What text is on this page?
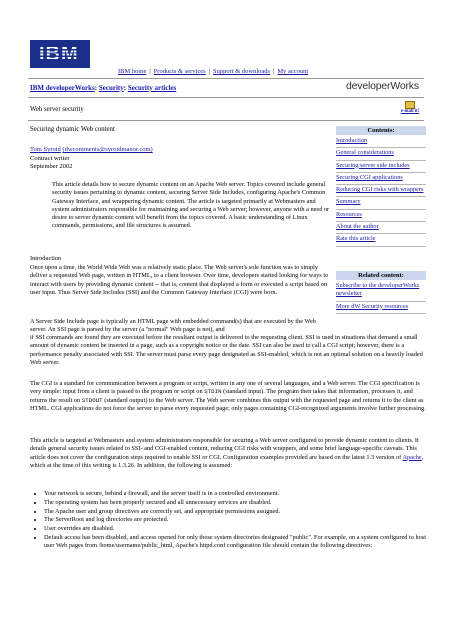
IBM
IBM home | Products & services | Support & downloads | My account
IBM developerWorks: Security: Security articles	developerWorks
Web server security	e-mail it!
Securing dynamic Web content
Tom Syroid (dwcomments@syroidmanor.com)
Contract writer
September 2002
This article details how to secure dynamic content on an Apache Web server. Topics covered include general security issues pertaining to dynamic content, securing Server Side Includes, configuring Apache's Common Gateway Interface, and wrappering dynamic content. The article is targeted primarily at Webmasters and system administrators responsible for maintaining and securing a Web server; however, anyone with a need or desire to server dynamic content will benefit from the topics covered. A basic understanding of Linux commands, permissions, and file structures is assumed.
Introduction
Once upon a time, the World Wide Web was a relatively static place. The Web server's sole function was to simply deliver a requested Web page, written in HTML, to a client browser. Over time, developers started looking for ways to interact with users by providing dynamic content -- that is, content that displayed a form or executed a script based on user input. Thus Server Side Includes (SSI) and the Common Gateway Interface (CGI) were born.
A Server Side Include page is typically an HTML page with embedded command(s) that are executed by the Web server. An SSI page is parsed by the server (a "normal" Web page is not), and
if SSI commands are found they are executed before the resultant output is delivered to the requesting client. SSI is used in situations that demand a small amount of dynamic content be inserted in a page, such as a copyright notice or the date. SSI can also be used to call a CGI script; however, there is a performance penalty associated with SSI. The server must parse every page designated as SSI-enabled, which is not an optimal solution on a heavily loaded Web server.
The CGI is a standard for communication between a program or script, written in any one of several languages, and a Web server. The CGI specification is very simple: input from a client is passed to the program or script on STDIN (standard input). The program then takes that information, processes it, and returns the result on STDOUT (standard output) to the Web server. The Web server combines this output with the requested page and returns it to the client as HTML. CGI applications do not force the server to parse every requested page; only pages containing CGI-recognized arguments involve further processing.
This article is targeted at Webmasters and system administrators responsible for securing a Web server configured to provide dynamic content to clients. It details general security issues related to SSI- and CGI-enabled content, reducing CGI risks with wrappers, and some brief language-specific caveats. This article does not cover the configuration steps required to enable SSI or CGI. Configuration examples provided are based on the latest 1.3 version of Apache, which at the time of this writing is 1.3.26. In addition, the following is assumed:
• Your network is secure, behind a firewall, and the server itself is in a controlled environment.
• The operating system has been properly secured and all unnecessary services are disabled.
• The Apache user and group directives are correctly set, and appropriate permissions assigned.
• The ServerRoot and log directories are protected.
• User overrides are disabled.
• Default access has been disabled, and access opened for only those system directories designated "public". For example, on a system configured to host user Web pages from /home/username/public_html, Apache's httpd.conf configuration file should contain the following directives:
Contents:
Introduction
General considerations
Securing server side includes
Securing CGI applications
Reducing CGI risks with wrappers
Summary
Resources
About the author
Rate this article
Related content:
Subscribe to the developerWorks newsletter
More dW Security resources
